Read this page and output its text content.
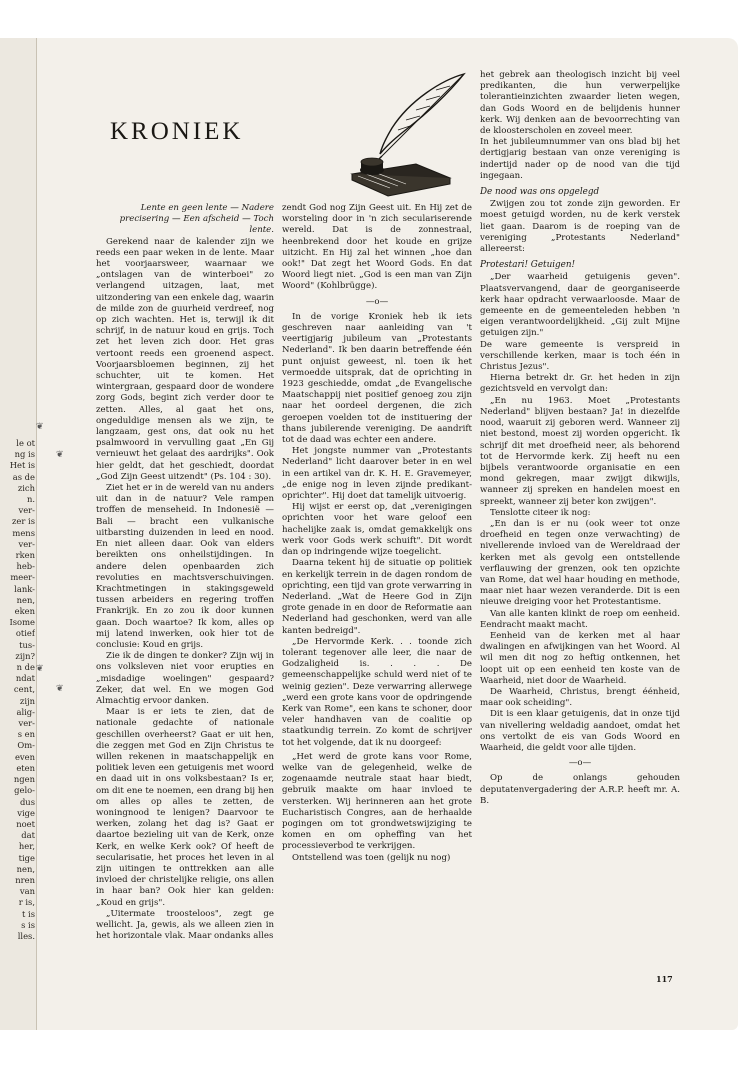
le ot
ng is
Het is
as de
zich
n.
ver-
zer is
mens
ver-
rken
heb-
meer-
lank-
nen,
eken
Isome
otief
tus-
zijn?
n de
ndat
cent,
zijn
alig-
ver-
s en
Om-
even
eten
ngen
gelo-
dus
vige
noet
dat
her,
tige
nen,
nren
van
r is,
t is
s is
lles.
❦
❦
❦
❦
KRONIEK

Lente en geen lente — Nadere precisering — Een afscheid — Toch lente.

Gerekend naar de kalender zijn we reeds een paar weken in de lente. Maar het voorjaarsweer, waarnaar we „ontslagen van de winterboei" zo verlangend uitzagen, laat, met uitzondering van een enkele dag, waarin de milde zon de guurheid verdreef, nog op zich wachten. Het is, terwijl ik dit schrijf, in de natuur koud en grijs. Toch zet het leven zich door. Het gras vertoont reeds een groenend aspect. Voorjaarsbloemen beginnen, zij het schuchter, uit te komen. Het wintergraan, gespaard door de wondere zorg Gods, begint zich verder door te zetten. Alles, al gaat het ons, ongeduldige mensen als we zijn, te langzaam, gest ons, dat ook nu het psalmwoord in vervulling gaat „En Gij vernieuwt het gelaat des aardrijks". Ook hier geldt, dat het geschiedt, doordat „God Zijn Geest uitzendt" (Ps. 104 : 30).

Ziet het er in de wereld van nu anders uit dan in de natuur? Vele rampen troffen de menseheid. In Indonesië — Bali — bracht een vulkanische uitbarsting duizenden in leed en nood. En niet alleen daar. Ook van elders bereikten ons onheilstijdingen. In andere delen openbaarden zich revoluties en machtsverschuivingen. Krachtmetingen in stakingsgeweld tussen arbeiders en regering troffen Frankrijk. En zo zou ik door kunnen gaan. Doch waartoe? Ik kom, alles op mij latend inwerken, ook hier tot de conclusie: Koud en grijs.

Zie ik de dingen te donker? Zijn wij in ons volksleven niet voor erupties en „misdadige woelingen" gespaard? Zeker, dat wel. En we mogen God Almachtig ervoor danken.

Maar is er iets te zien, dat de nationale gedachte of nationale geschillen overheerst? Gaat er uit hen, die zeggen met God en Zijn Christus te willen rekenen in maatschappelijk en politiek leven een getuigenis met woord en daad uit in ons volksbestaan? Is er, om dit ene te noemen, een drang bij hen om alles op alles te zetten, de woningnood te lenigen? Daarvoor te werken, zolang het dag is? Gaat er daartoe bezieling uit van de Kerk, onze Kerk, en welke Kerk ook? Of heeft de secularisatie, het proces het leven in al zijn uitingen te onttrekken aan alle invloed der christelijke religie, ons allen in haar ban? Ook hier kan gelden: „Koud en grijs".

„Uitermate troosteloos", zegt ge wellicht. Ja, gewis, als we alleen zien in het horizontale vlak. Maar ondanks alles

zendt God nog Zijn Geest uit. En Hij zet de worsteling door in 'n zich seculariserende wereld. Dat is de zonnestraal, heenbrekend door het koude en grijze uitzicht. En Hij zal het winnen „hoe dan ook!" Dat zegt het Woord Gods. En dat Woord liegt niet. „God is een man van Zijn Woord" (Kohlbrügge).

—o—

In de vorige Kroniek heb ik iets geschreven naar aanleiding van 't veertigjarig jubileum van „Protestants Nederland". Ik ben daarin betreffende één punt onjuist geweest, nl. toen ik het vermoedde uitsprak, dat de oprichting in 1923 geschiedde, omdat „de Evangelische Maatschappij niet positief genoeg zou zijn naar het oordeel dergenen, die zich geroepen voelden tot de instituering der thans jubilerende vereniging. De aandrift tot de daad was echter een andere.

Het jongste nummer van „Protestants Nederland" licht daarover beter in en wel in een artikel van dr. K. H. E. Gravemeyer, „de enige nog in leven zijnde predikant-oprichter". Hij doet dat tamelijk uitvoerig.

Hij wijst er eerst op, dat „verenigingen oprichten voor het ware geloof een hachelijke zaak is, omdat gemakkelijk ons werk voor Gods werk schuift". Dit wordt dan op indringende wijze toegelicht.

Daarna tekent hij de situatie op politiek en kerkelijk terrein in de dagen rondom de oprichting, een tijd van grote verwarring in Nederland. „Wat de Heere God in Zijn grote genade in en door de Reformatie aan Nederland had geschonken, werd van alle kanten bedreigd".

„De Hervormde Kerk. . . toonde zich tolerant tegenover alle leer, die naar de Godzaligheid is. . . . De gemeenschappelijke schuld werd niet of te weinig gezien". Deze verwarring allerwege „werd een grote kans voor de opdringende Kerk van Rome", een kans te schoner, door veler handhaven van de coalitie op staatkundig terrein. Zo komt de schrijver tot het volgende, dat ik nu doorgeef:

„Het werd de grote kans voor Rome, welke van de gelegenheid, welke de zogenaamde neutrale staat haar biedt, gebruik maakte om haar invloed te versterken. Wij herinneren aan het grote Eucharistisch Congres, aan de herhaalde pogingen om tot grondwetswijziging te komen en om opheffing van het processieverbod te verkrijgen.

Ontstellend was toen (gelijk nu nog)

het gebrek aan theologisch inzicht bij veel predikanten, die hun verwerpelijke tolerantieinzichten zwaarder lieten wegen, dan Gods Woord en de belijdenis hunner kerk. Wij denken aan de bevoorrechting van de kloosterscholen en zoveel meer.

In het jubileumnummer van ons blad bij het dertigjarig bestaan van onze vereniging is indertijd nader op de nood van die tijd ingegaan.

De nood was ons opgelegd

Zwijgen zou tot zonde zijn geworden. Er moest getuigd worden, nu de kerk verstek liet gaan. Daarom is de roeping van de vereniging „Protestants Nederland" allereerst:

Protestari! Getuigen!

„Der waarheid getuigenis geven". Plaatsvervangend, daar de georganiseerde kerk haar opdracht verwaarloosde. Maar de gemeente en de gemeenteleden hebben 'n eigen verantwoordelijkheid. „Gij zult Mijne getuigen zijn."

De ware gemeente is verspreid in verschillende kerken, maar is toch één in Christus Jezus".

Hierna betrekt dr. Gr. het heden in zijn gezichtsveld en vervolgt dan:

„En nu 1963. Moet „Protestants Nederland" blijven bestaan? Ja! in diezelfde nood, waaruit zij geboren werd. Wanneer zij niet bestond, moest zij worden opgericht. Ik schrijf dit met droefheid neer, als behorend tot de Hervormde kerk. Zij heeft nu een bijbels verantwoorde organisatie en een mond gekregen, maar zwijgt dikwijls, wanneer zij spreken en handelen moest en spreekt, wanneer zij beter kon zwijgen".

Tenslotte citeer ik nog:

„En dan is er nu (ook weer tot onze droefheid en tegen onze verwachting) de nivellerende invloed van de Wereldraad der kerken met als gevolg een ontstellende verflauwing der grenzen, ook ten opzichte van Rome, dat wel haar houding en methode, maar niet haar wezen veranderde. Dit is een nieuwe dreiging voor het Protestantisme.

Van alle kanten klinkt de roep om eenheid. Eendracht maakt macht.

Eenheid van de kerken met al haar dwalingen en afwijkingen van het Woord. Al wil men dit nog zo heftig ontkennen, het loopt uit op een eenheid ten koste van de Waarheid, niet door de Waarheid.

De Waarheid, Christus, brengt éénheid, maar ook scheiding".

Dit is een klaar getuigenis, dat in onze tijd van nivellering weldadig aandoet, omdat het ons vertolkt de eis van Gods Woord en Waarheid, die geldt voor alle tijden.

—o—

Op de onlangs gehouden deputatenvergadering der A.R.P. heeft mr. A. B.

117
